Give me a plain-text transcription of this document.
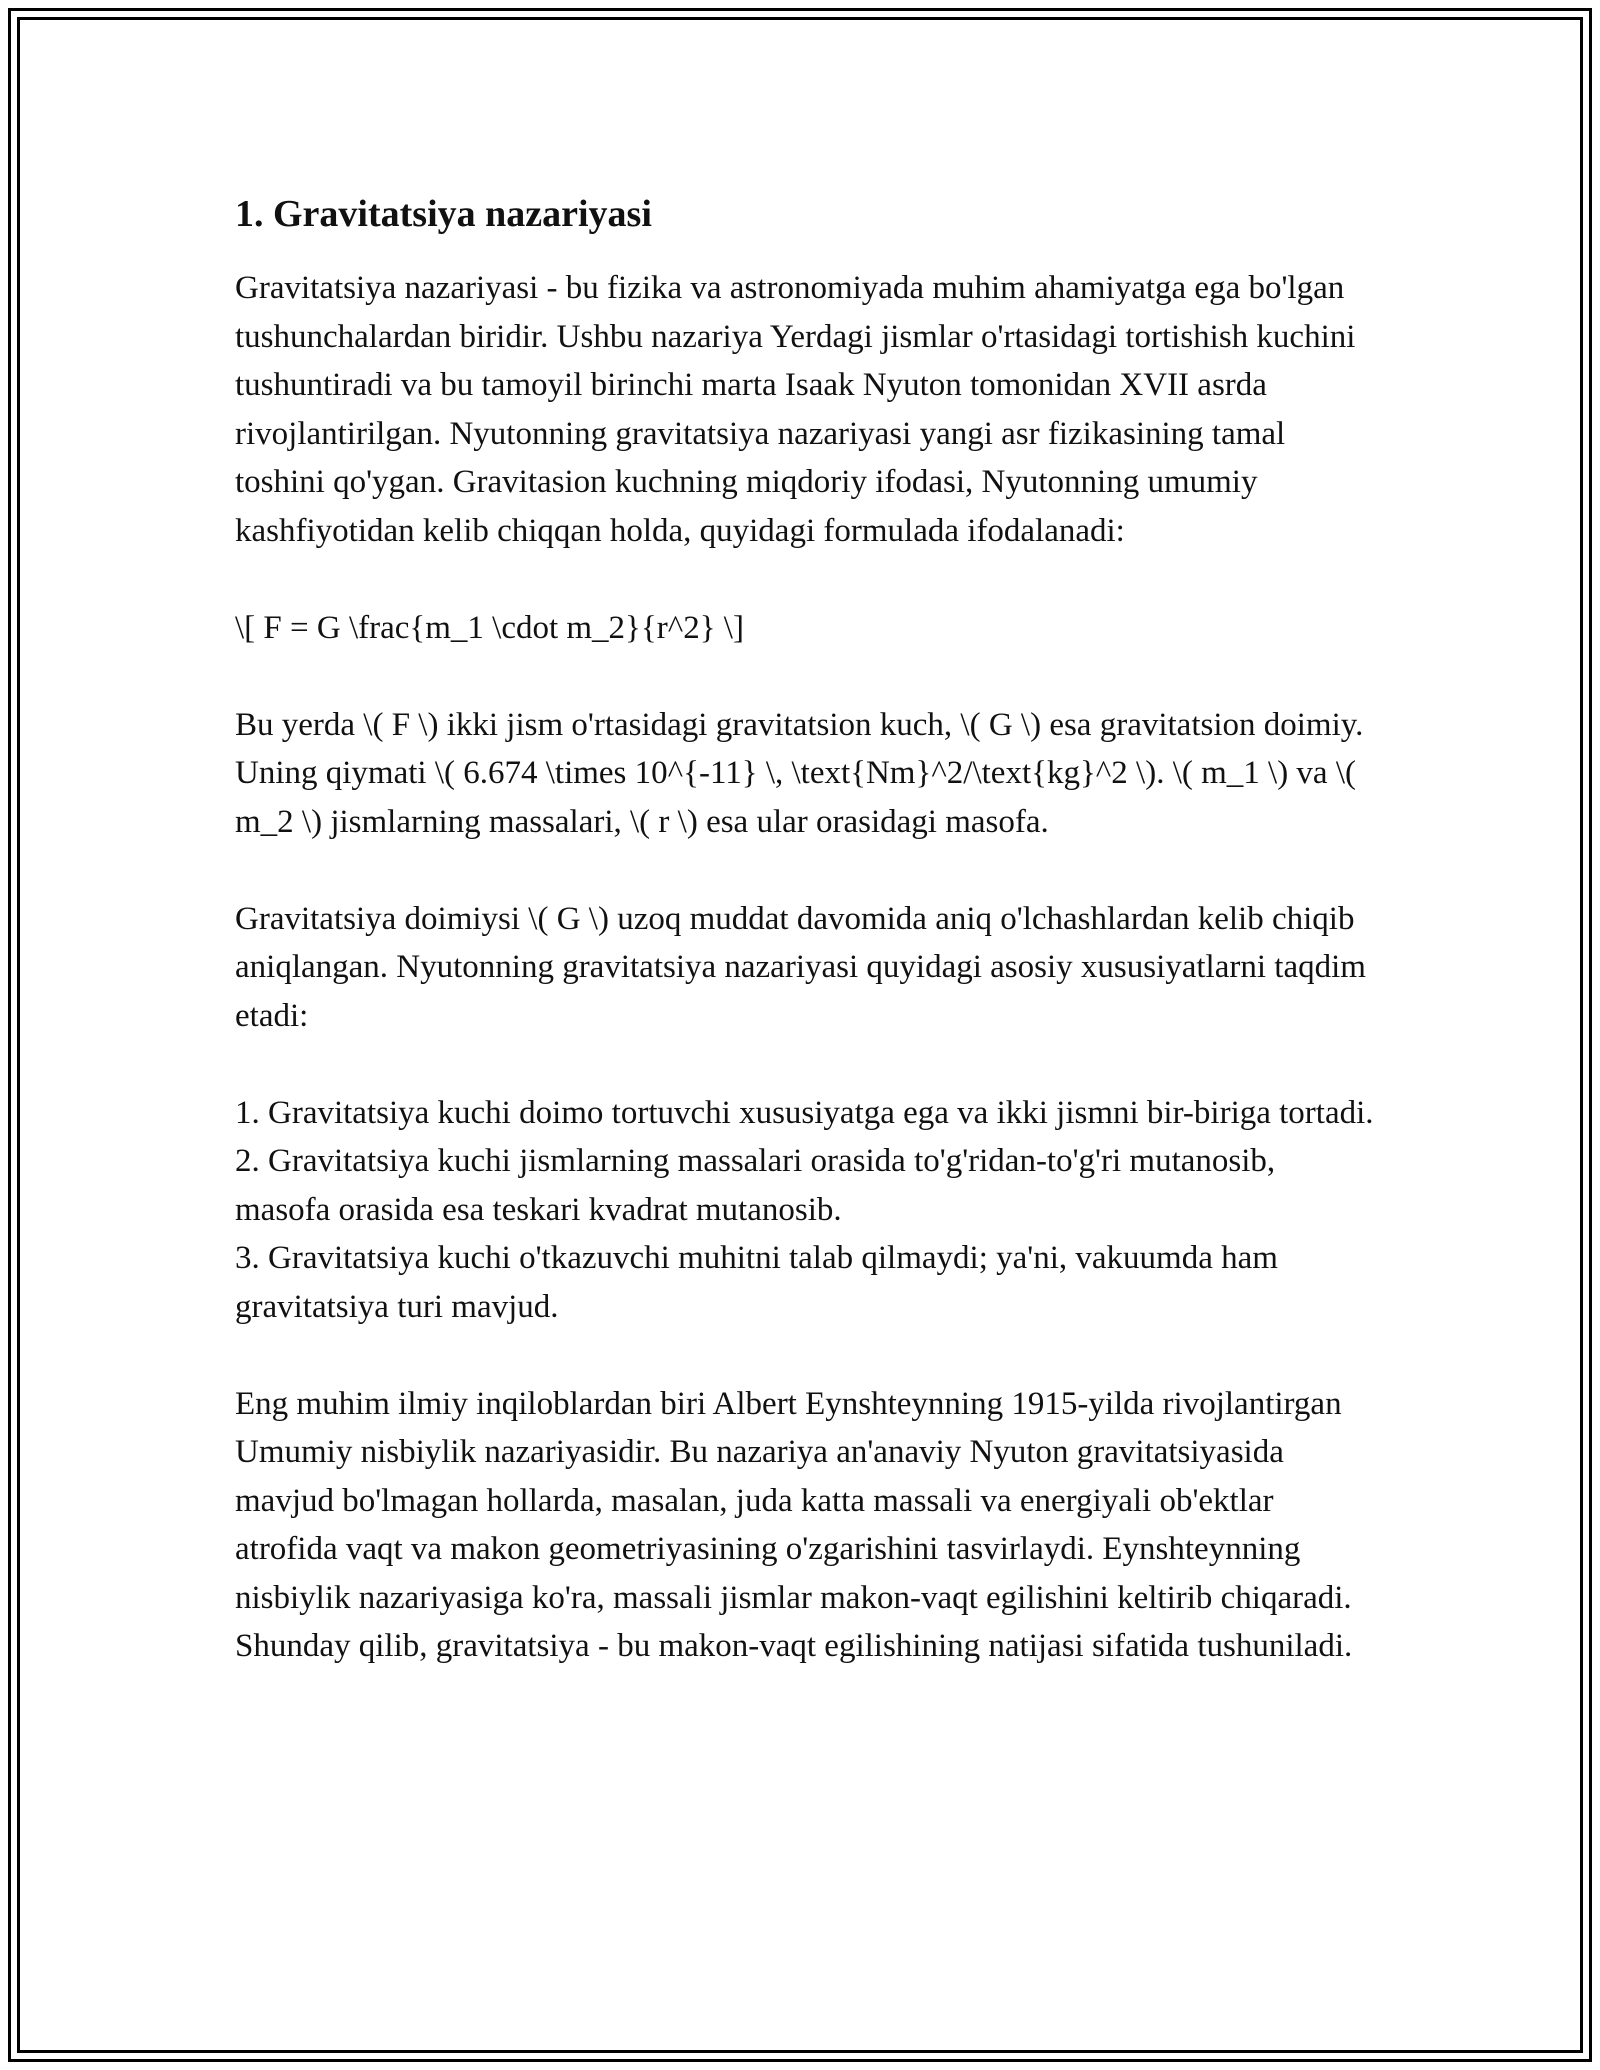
1. Gravitatsiya nazariyasi

Gravitatsiya nazariyasi - bu fizika va astronomiyada muhim ahamiyatga ega bo'lgan tushunchalardan biridir. Ushbu nazariya Yerdagi jismlar o'rtasidagi tortishish kuchini tushuntiradi va bu tamoyil birinchi marta Isaak Nyuton tomonidan XVII asrda rivojlantirilgan. Nyutonning gravitatsiya nazariyasi yangi asr fizikasining tamal toshini qo'ygan. Gravitasion kuchning miqdoriy ifodasi, Nyutonning umumiy kashfiyotidan kelib chiqqan holda, quyidagi formulada ifodalanadi:

\[ F = G \frac{m_1 \cdot m_2}{r^2} \]

Bu yerda \( F \) ikki jism o'rtasidagi gravitatsion kuch, \( G \) esa gravitatsion doimiy. Uning qiymati \( 6.674 \times 10^{-11} \, \text{Nm}^2/\text{kg}^2 \). \( m_1 \) va \( m_2 \) jismlarning massalari, \( r \) esa ular orasidagi masofa.

Gravitatsiya doimiysi \( G \) uzoq muddat davomida aniq o'lchashlardan kelib chiqib aniqlangan. Nyutonning gravitatsiya nazariyasi quyidagi asosiy xususiyatlarni taqdim etadi:

1. Gravitatsiya kuchi doimo tortuvchi xususiyatga ega va ikki jismni bir-biriga tortadi.

2. Gravitatsiya kuchi jismlarning massalari orasida to'g'ridan-to'g'ri mutanosib, masofa orasida esa teskari kvadrat mutanosib.

3. Gravitatsiya kuchi o'tkazuvchi muhitni talab qilmaydi; ya'ni, vakuumda ham gravitatsiya turi mavjud.

Eng muhim ilmiy inqiloblardan biri Albert Eynshteynning 1915-yilda rivojlantirgan Umumiy nisbiylik nazariyasidir. Bu nazariya an'anaviy Nyuton gravitatsiyasida mavjud bo'lmagan hollarda, masalan, juda katta massali va energiyali ob'ektlar atrofida vaqt va makon geometriyasining o'zgarishini tasvirlaydi. Eynshteynning nisbiylik nazariyasiga ko'ra, massali jismlar makon-vaqt egilishini keltirib chiqaradi. Shunday qilib, gravitatsiya - bu makon-vaqt egilishining natijasi sifatida tushuniladi.
